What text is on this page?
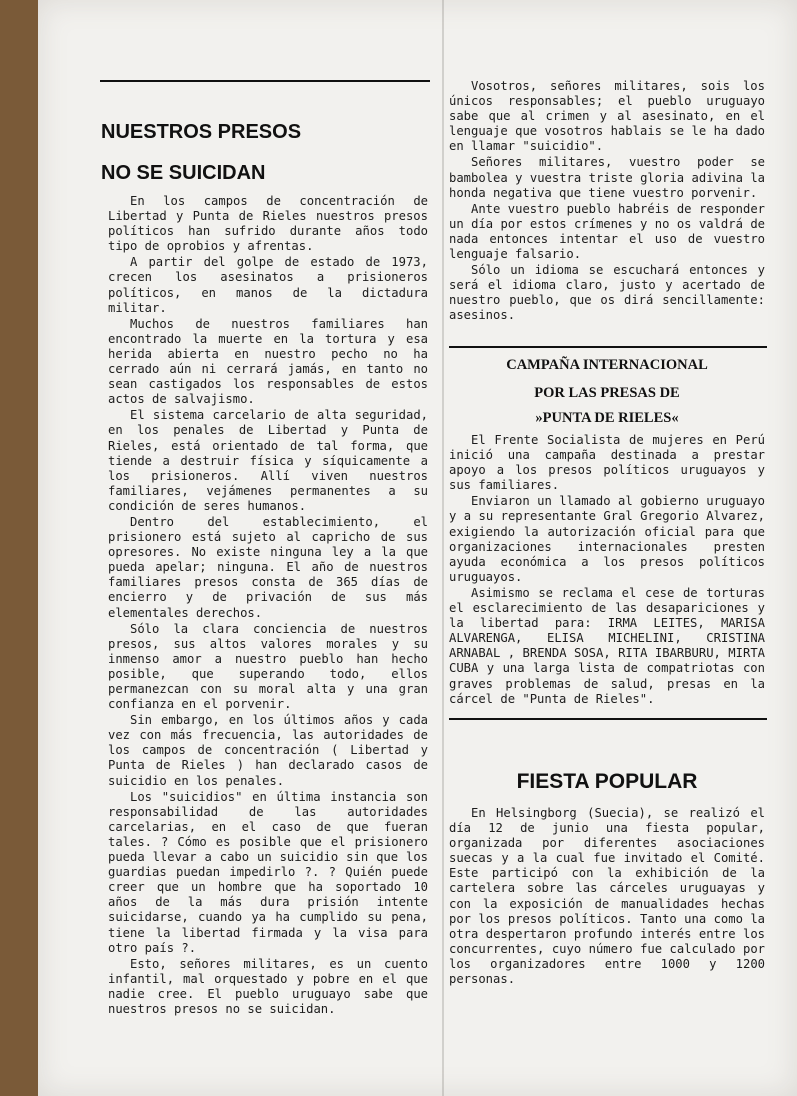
NUESTROS PRESOS
NO SE SUICIDAN

En los campos de concentración de Libertad y Punta de Rieles nuestros presos políticos han sufrido durante años todo tipo de oprobios y afrentas.

A partir del golpe de estado de 1973, crecen los asesinatos a prisioneros políticos, en manos de la dictadura militar.

Muchos de nuestros familiares han encontrado la muerte en la tortura y esa herida abierta en nuestro pecho no ha cerrado aún ni cerrará jamás, en tanto no sean castigados los responsables de estos actos de salvajismo.

El sistema carcelario de alta seguridad, en los penales de Libertad y Punta de Rieles, está orientado de tal forma, que tiende a destruir física y síquicamente a los prisioneros. Allí viven nuestros familiares, vejámenes permanentes a su condición de seres humanos.

Dentro del establecimiento, el prisionero está sujeto al capricho de sus opresores. No existe ninguna ley a la que pueda apelar; ninguna. El año de nuestros familiares presos consta de 365 días de encierro y de privación de sus más elementales derechos.

Sólo la clara conciencia de nuestros presos, sus altos valores morales y su inmenso amor a nuestro pueblo han hecho posible, que superando todo, ellos permanezcan con su moral alta y una gran confianza en el porvenir.

Sin embargo, en los últimos años y cada vez con más frecuencia, las autoridades de los campos de concentración ( Libertad y Punta de Rieles ) han declarado casos de suicidio en los penales.

Los "suicidios" en última instancia son responsabilidad de las autoridades carcelarias, en el caso de que fueran tales. ? Cómo es posible que el prisionero pueda llevar a cabo un suicidio sin que los guardias puedan impedirlo ?. ? Quién puede creer que un hombre que ha soportado 10 años de la más dura prisión intente suicidarse, cuando ya ha cumplido su pena, tiene la libertad firmada y la visa para otro país ?.

Esto, señores militares, es un cuento infantil, mal orquestado y pobre en el que nadie cree. El pueblo uruguayo sabe que nuestros presos no se suicidan.

Vosotros, señores militares, sois los únicos responsables; el pueblo uruguayo sabe que al crimen y al asesinato, en el lenguaje que vosotros hablais se le ha dado en llamar "suicidio".

Señores militares, vuestro poder se bambolea y vuestra triste gloria adivina la honda negativa que tiene vuestro porvenir.

Ante vuestro pueblo habréis de responder un día por estos crímenes y no os valdrá de nada entonces intentar el uso de vuestro lenguaje falsario.

Sólo un idioma se escuchará entonces y será el idioma claro, justo y acertado de nuestro pueblo, que os dirá sencillamente: asesinos.

CAMPAÑA INTERNACIONAL
POR LAS PRESAS DE
»PUNTA DE RIELES«

El Frente Socialista de mujeres en Perú inició una campaña destinada a prestar apoyo a los presos políticos uruguayos y sus familiares.

Enviaron un llamado al gobierno uruguayo y a su representante Gral Gregorio Alvarez, exigiendo la autorización oficial para que organizaciones internacionales presten ayuda económica a los presos políticos uruguayos.

Asimismo se reclama el cese de torturas el esclarecimiento de las desapariciones y la libertad para: IRMA LEITES, MARISA ALVARENGA, ELISA MICHELINI, CRISTINA ARNABAL , BRENDA SOSA, RITA IBARBURU, MIRTA CUBA y una larga lista de compatriotas con graves problemas de salud, presas en la cárcel de "Punta de Rieles".

FIESTA POPULAR

En Helsingborg (Suecia), se realizó el día 12 de junio una fiesta popular, organizada por diferentes asociaciones suecas y a la cual fue invitado el Comité. Este participó con la exhibición de la cartelera sobre las cárceles uruguayas y con la exposición de manualidades hechas por los presos políticos. Tanto una como la otra despertaron profundo interés entre los concurrentes, cuyo número fue calculado por los organizadores entre 1000 y 1200 personas.
